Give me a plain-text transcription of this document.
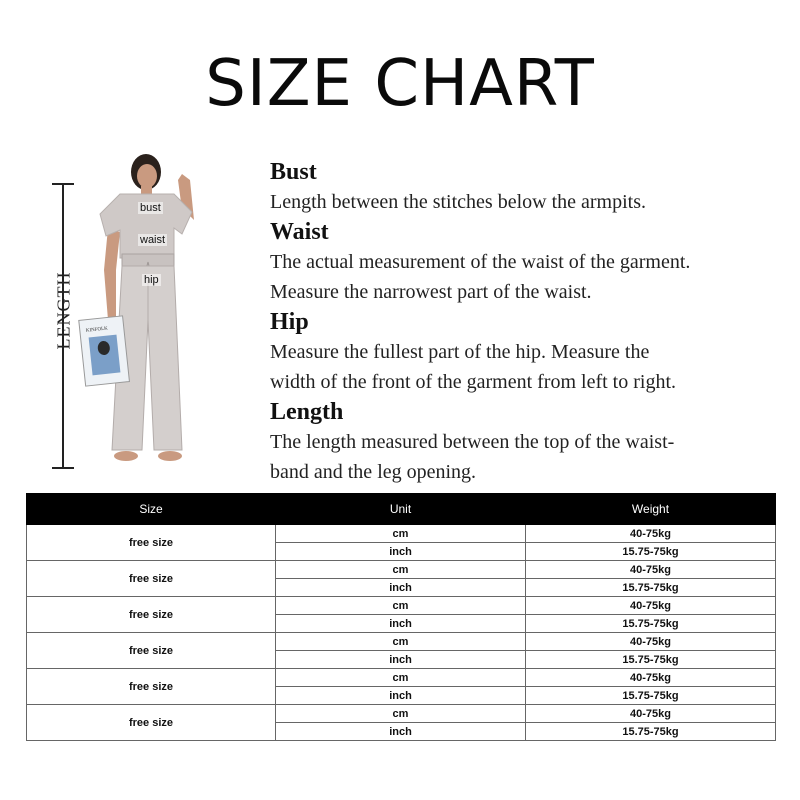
SIZE CHART
LENGTH KINFOLK
bust
waist
hip
Bust
Length between the stitches below the armpits.
Waist
The actual measurement of the waist of the garment.
Measure the narrowest part of the waist.
Hip
Measure the fullest part of the hip. Measure the
width of the front of the garment from left to right.
Length
The length measured between the top of the waist-
band and the leg opening.
Size	Unit	Weight
free size	cm	40-75kg
	inch	15.75-75kg
free size	cm	40-75kg
	inch	15.75-75kg
free size	cm	40-75kg
	inch	15.75-75kg
free size	cm	40-75kg
	inch	15.75-75kg
free size	cm	40-75kg
	inch	15.75-75kg
free size	cm	40-75kg
	inch	15.75-75kg
